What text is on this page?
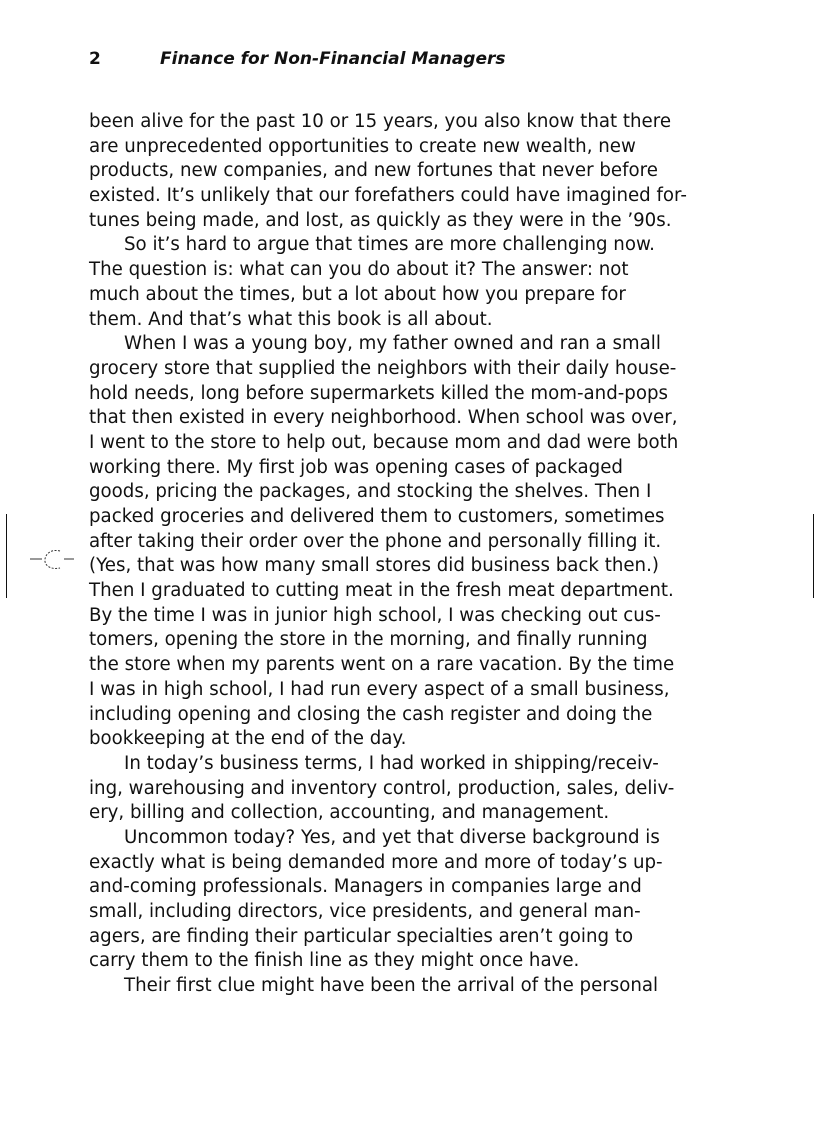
2	Finance for Non-Financial Managers
been alive for the past 10 or 15 years, you also know that there
are unprecedented opportunities to create new wealth, new
products, new companies, and new fortunes that never before
existed. It’s unlikely that our forefathers could have imagined for-
tunes being made, and lost, as quickly as they were in the ’90s.
So it’s hard to argue that times are more challenging now.
The question is: what can you do about it? The answer: not
much about the times, but a lot about how you prepare for
them. And that’s what this book is all about.
When I was a young boy, my father owned and ran a small
grocery store that supplied the neighbors with their daily house-
hold needs, long before supermarkets killed the mom-and-pops
that then existed in every neighborhood. When school was over,
I went to the store to help out, because mom and dad were both
working there. My first job was opening cases of packaged
goods, pricing the packages, and stocking the shelves. Then I
packed groceries and delivered them to customers, sometimes
after taking their order over the phone and personally filling it.
(Yes, that was how many small stores did business back then.)
Then I graduated to cutting meat in the fresh meat department.
By the time I was in junior high school, I was checking out cus-
tomers, opening the store in the morning, and finally running
the store when my parents went on a rare vacation. By the time
I was in high school, I had run every aspect of a small business,
including opening and closing the cash register and doing the
bookkeeping at the end of the day.
In today’s business terms, I had worked in shipping/receiv-
ing, warehousing and inventory control, production, sales, deliv-
ery, billing and collection, accounting, and management.
Uncommon today? Yes, and yet that diverse background is
exactly what is being demanded more and more of today’s up-
and-coming professionals. Managers in companies large and
small, including directors, vice presidents, and general man-
agers, are finding their particular specialties aren’t going to
carry them to the finish line as they might once have.
Their first clue might have been the arrival of the personal
